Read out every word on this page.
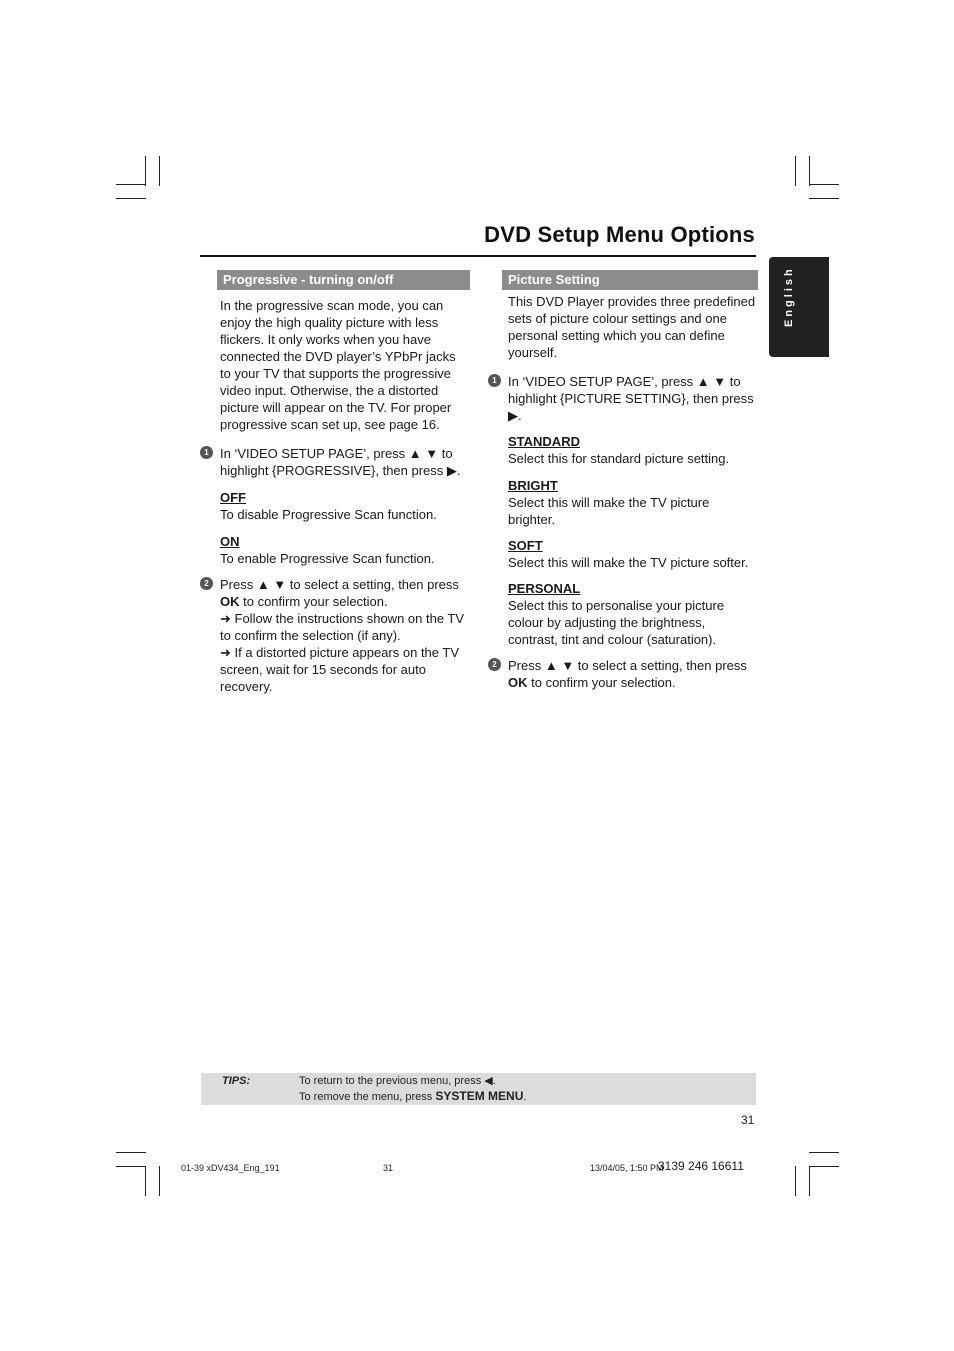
DVD Setup Menu Options
English
Progressive - turning on/off
In the progressive scan mode, you can enjoy the high quality picture with less flickers. It only works when you have connected the DVD player’s YPbPr jacks to your TV that supports the progressive video input. Otherwise, the a distorted picture will appear on the TV. For proper progressive scan set up, see page 16.
1 In ‘VIDEO SETUP PAGE’, press ▲ ▼ to highlight {PROGRESSIVE}, then press ▶.
OFF
To disable Progressive Scan function.
ON
To enable Progressive Scan function.
2 Press ▲ ▼ to select a setting, then press OK to confirm your selection.
➜ Follow the instructions shown on the TV to confirm the selection (if any).
➜ If a distorted picture appears on the TV screen, wait for 15 seconds for auto recovery.
Picture Setting
This DVD Player provides three predefined sets of picture colour settings and one personal setting which you can define yourself.
1 In ‘VIDEO SETUP PAGE’, press ▲ ▼ to highlight {PICTURE SETTING}, then press ▶.
STANDARD
Select this for standard picture setting.
BRIGHT
Select this will make the TV picture brighter.
SOFT
Select this will make the TV picture softer.
PERSONAL
Select this to personalise your picture colour by adjusting the brightness, contrast, tint and colour (saturation).
2 Press ▲ ▼ to select a setting, then press OK to confirm your selection.
TIPS:	To return to the previous menu, press ◀.
To remove the menu, press SYSTEM MENU.
31
01-39 xDV434_Eng_191	31	13/04/05, 1:50 PM
3139 246 16611
